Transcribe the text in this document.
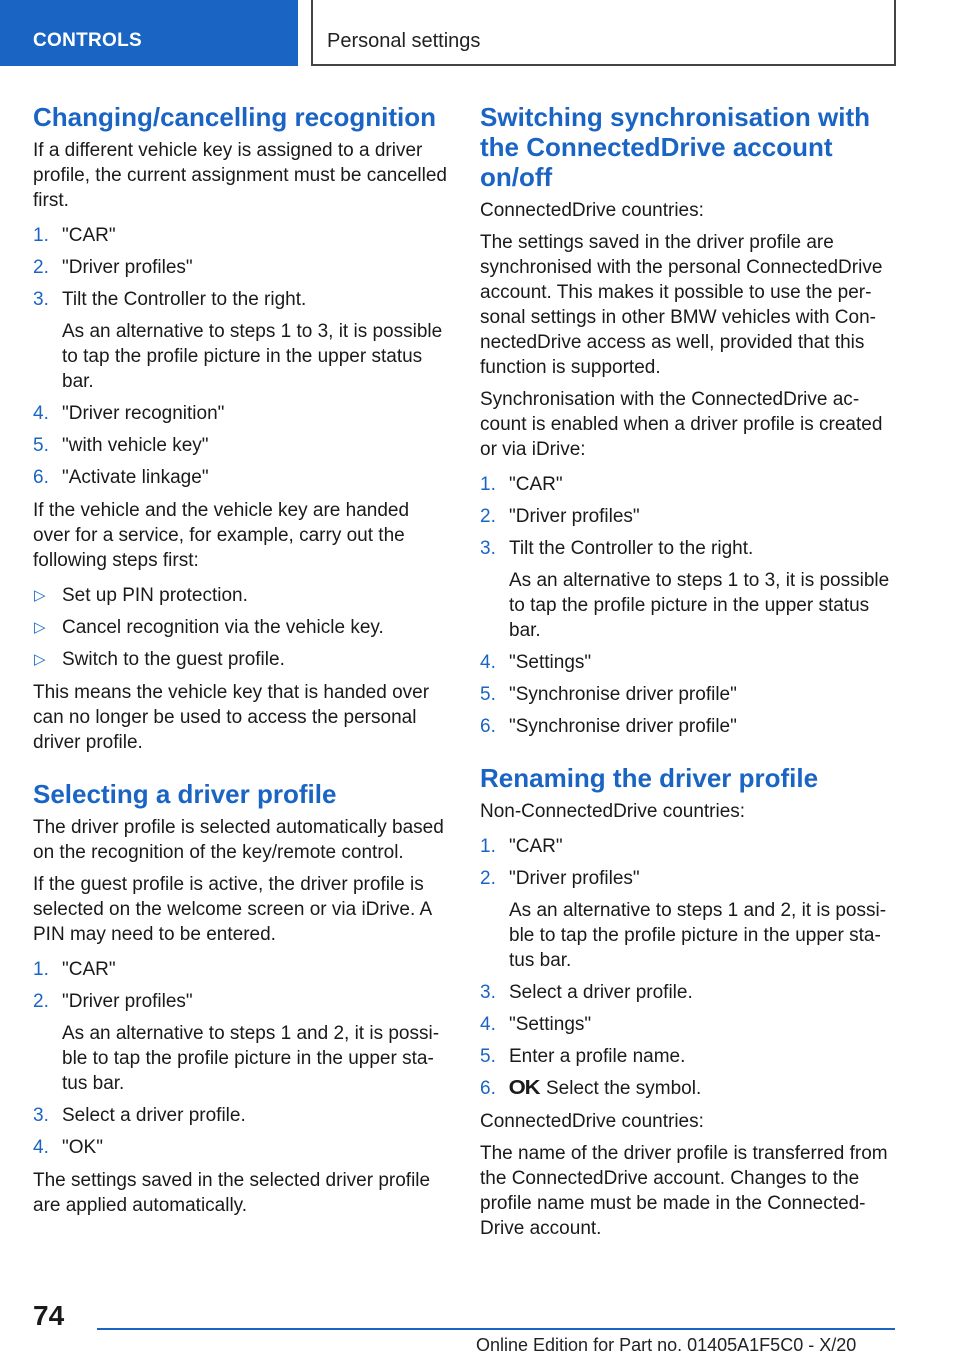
CONTROLS	Personal settings
Changing/cancelling recognition

If a different vehicle key is assigned to a driver profile, the current assignment must be cancelled first.

1. "CAR"
2. "Driver profiles"
3. Tilt the Controller to the right.
As an alternative to steps 1 to 3, it is possible to tap the profile picture in the upper status bar.
4. "Driver recognition"
5. "with vehicle key"
6. "Activate linkage"

If the vehicle and the vehicle key are handed over for a service, for example, carry out the following steps first:

▷ Set up PIN protection.
▷ Cancel recognition via the vehicle key.
▷ Switch to the guest profile.

This means the vehicle key that is handed over can no longer be used to access the personal driver profile.

Selecting a driver profile

The driver profile is selected automatically based on the recognition of the key/remote control.

If the guest profile is active, the driver profile is selected on the welcome screen or via iDrive. A PIN may need to be entered.

1. "CAR"
2. "Driver profiles"
As an alternative to steps 1 and 2, it is possible to tap the profile picture in the upper status bar.
3. Select a driver profile.
4. "OK"

The settings saved in the selected driver profile are applied automatically.

Switching synchronisation with the ConnectedDrive account on/off

ConnectedDrive countries:

The settings saved in the driver profile are synchronised with the personal ConnectedDrive account. This makes it possible to use the personal settings in other BMW vehicles with ConnectedDrive access as well, provided that this function is supported.

Synchronisation with the ConnectedDrive account is enabled when a driver profile is created or via iDrive:

1. "CAR"
2. "Driver profiles"
3. Tilt the Controller to the right.
As an alternative to steps 1 to 3, it is possible to tap the profile picture in the upper status bar.
4. "Settings"
5. "Synchronise driver profile"
6. "Synchronise driver profile"
Renaming the driver profile

Non-ConnectedDrive countries:

1. "CAR"
2. "Driver profiles"
As an alternative to steps 1 and 2, it is possible to tap the profile picture in the upper status bar.
3. Select a driver profile.
4. "Settings"
5. Enter a profile name.
6. OK Select the symbol.

ConnectedDrive countries:

The name of the driver profile is transferred from the ConnectedDrive account. Changes to the profile name must be made in the ConnectedDrive account.

74
Online Edition for Part no. 01405A1F5C0 - X/20
